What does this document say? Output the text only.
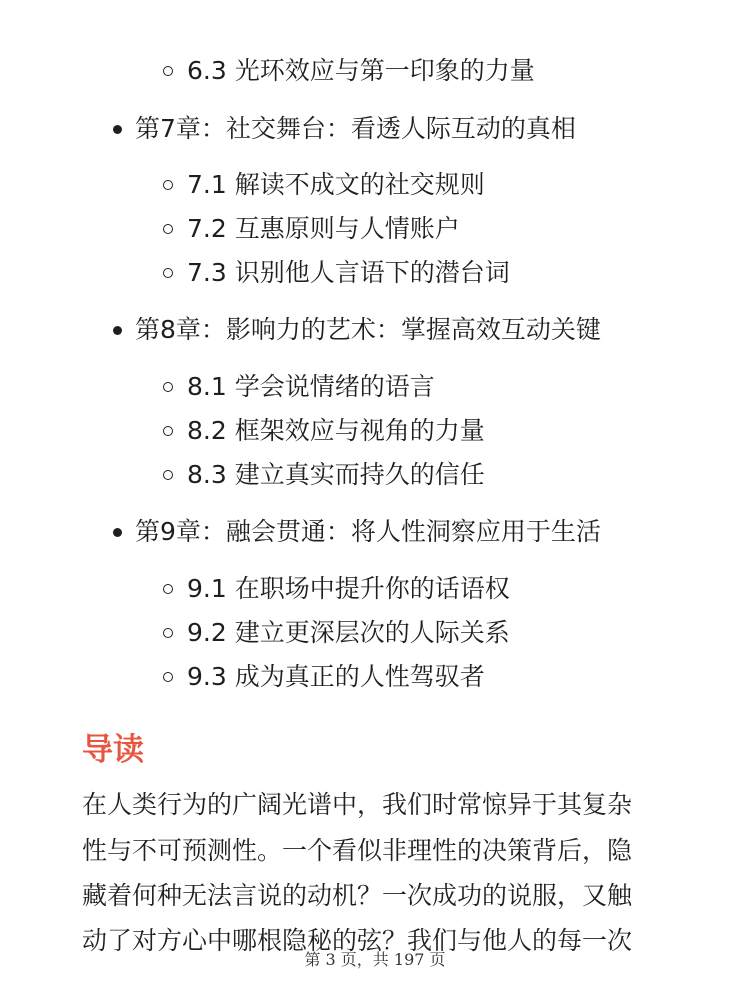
6.3 光环效应与第一印象的力量
第7章：社交舞台：看透人际互动的真相
7.1 解读不成文的社交规则
7.2 互惠原则与人情账户
7.3 识别他人言语下的潜台词
第8章：影响力的艺术：掌握高效互动关键
8.1 学会说情绪的语言
8.2 框架效应与视角的力量
8.3 建立真实而持久的信任
第9章：融会贯通：将人性洞察应用于生活
9.1 在职场中提升你的话语权
9.2 建立更深层次的人际关系
9.3 成为真正的人性驾驭者
导读
在人类行为的广阔光谱中，我们时常惊异于其复杂
性与不可预测性。一个看似非理性的决策背后，隐
藏着何种无法言说的动机？一次成功的说服，又触
动了对方心中哪根隐秘的弦？我们与他人的每一次
第 3 页，共 197 页
